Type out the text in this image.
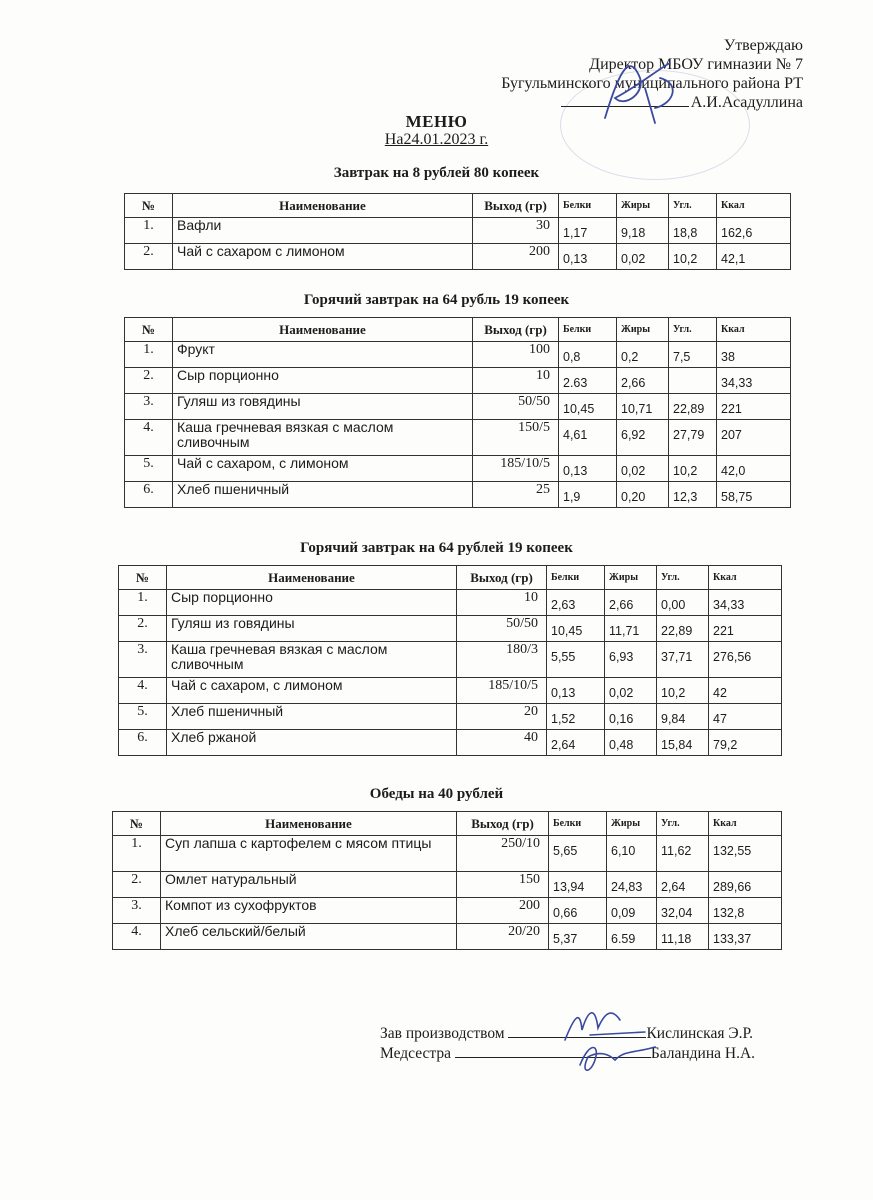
Утверждаю
Директор МБОУ гимназии № 7
Бугульминского муниципального района РТ
А.И.Асадуллина
МЕНЮ
На24.01.2023 г.
Завтрак на 8 рублей 80 копеек
№	Наименование	Выход (гр)	Белки	Жиры	Угл.	Ккал
1.	Вафли	30	1,17	9,18	18,8	162,6
2.	Чай с сахаром с лимоном	200	0,13	0,02	10,2	42,1
Горячий завтрак на 64 рубль 19 копеек
№	Наименование	Выход (гр)	Белки	Жиры	Угл.	Ккал
1.	Фрукт	100	0,8	0,2	7,5	38
2.	Сыр порционно	10	2.63	2,66		34,33
3.	Гуляш из говядины	50/50	10,45	10,71	22,89	221
4.	Каша гречневая вязкая с маслом сливочным	150/5	4,61	6,92	27,79	207
5.	Чай с сахаром, с лимоном	185/10/5	0,13	0,02	10,2	42,0
6.	Хлеб пшеничный	25	1,9	0,20	12,3	58,75
Горячий завтрак на 64 рублей 19 копеек
№	Наименование	Выход (гр)	Белки	Жиры	Угл.	Ккал
1.	Сыр порционно	10	2,63	2,66	0,00	34,33
2.	Гуляш из говядины	50/50	10,45	11,71	22,89	221
3.	Каша гречневая вязкая с маслом сливочным	180/3	5,55	6,93	37,71	276,56
4.	Чай с сахаром, с лимоном	185/10/5	0,13	0,02	10,2	42
5.	Хлеб пшеничный	20	1,52	0,16	9,84	47
6.	Хлеб ржаной	40	2,64	0,48	15,84	79,2
Обеды на 40 рублей
№	Наименование	Выход (гр)	Белки	Жиры	Угл.	Ккал
1.	Суп лапша с картофелем с мясом птицы	250/10	5,65	6,10	11,62	132,55
2.	Омлет натуральный	150	13,94	24,83	2,64	289,66
3.	Компот из сухофруктов	200	0,66	0,09	32,04	132,8
4.	Хлеб сельский/белый	20/20	5,37	6.59	11,18	133,37
Зав производством	Кислинская Э.Р.
Медсестра	Баландина Н.А.
